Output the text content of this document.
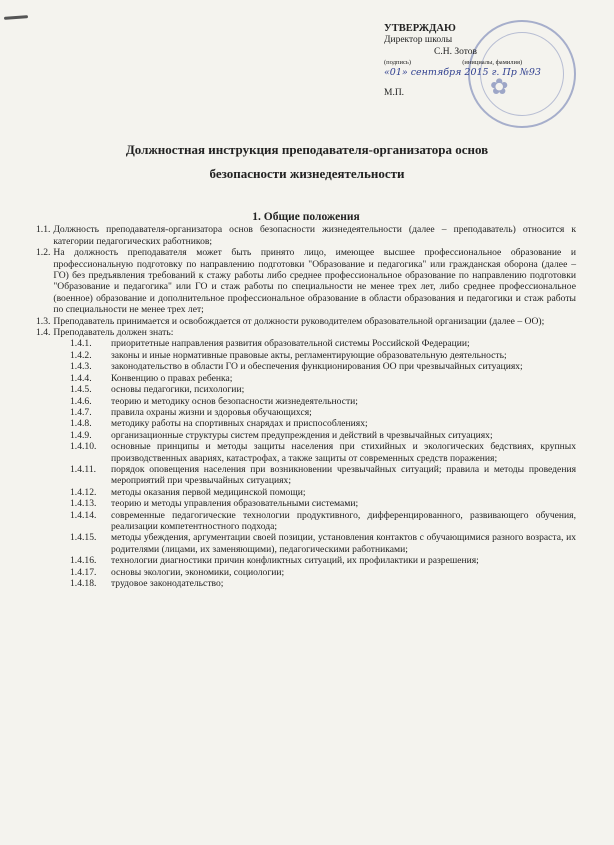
✿
УТВЕРЖДАЮ
Директор школы
С.Н. Зотов
(подпись)	(инициалы, фамилия)
«01» сентября 2015 г. Пр №93
М.П.
Должностная инструкция преподавателя-организатора основ
безопасности жизнедеятельности
1. Общие положения
1.1. Должность преподавателя-организатора основ безопасности жизнедеятельности (далее – преподаватель) относится к категории педагогических работников;
1.2. На должность преподавателя может быть принято лицо, имеющее высшее профессиональное образование и профессиональную подготовку по направлению подготовки "Образование и педагогика" или гражданская оборона (далее – ГО) без предъявления требований к стажу работы либо среднее профессиональное образование по направлению подготовки "Образование и педагогика" или ГО и стаж работы по специальности не менее трех лет, либо среднее профессиональное (военное) образование и дополнительное профессиональное образование в области образования и педагогики и стаж работы по специальности не менее трех лет;
1.3. Преподаватель принимается и освобождается от должности руководителем образовательной организации (далее – ОО);
1.4. Преподаватель должен знать:
1.4.1.	приоритетные направления развития образовательной системы Российской Федерации;
1.4.2.	законы и иные нормативные правовые акты, регламентирующие образовательную деятельность;
1.4.3.	законодательство в области ГО и обеспечения функционирования ОО при чрезвычайных ситуациях;
1.4.4.	Конвенцию о правах ребенка;
1.4.5.	основы педагогики, психологии;
1.4.6.	теорию и методику основ безопасности жизнедеятельности;
1.4.7.	правила охраны жизни и здоровья обучающихся;
1.4.8.	методику работы на спортивных снарядах и приспособлениях;
1.4.9.	организационные структуры систем предупреждения и действий в чрезвычайных ситуациях;
1.4.10.	основные принципы и методы защиты населения при стихийных и экологических бедствиях, крупных производственных авариях, катастрофах, а также защиты от современных средств поражения;
1.4.11.	порядок оповещения населения при возникновении чрезвычайных ситуаций; правила и методы проведения мероприятий при чрезвычайных ситуациях;
1.4.12.	методы оказания первой медицинской помощи;
1.4.13.	теорию и методы управления образовательными системами;
1.4.14.	современные педагогические технологии продуктивного, дифференцированного, развивающего обучения, реализации компетентностного подхода;
1.4.15.	методы убеждения, аргументации своей позиции, установления контактов с обучающимися разного возраста, их родителями (лицами, их заменяющими), педагогическими работниками;
1.4.16.	технологии диагностики причин конфликтных ситуаций, их профилактики и разрешения;
1.4.17.	основы экологии, экономики, социологии;
1.4.18.	трудовое законодательство;
